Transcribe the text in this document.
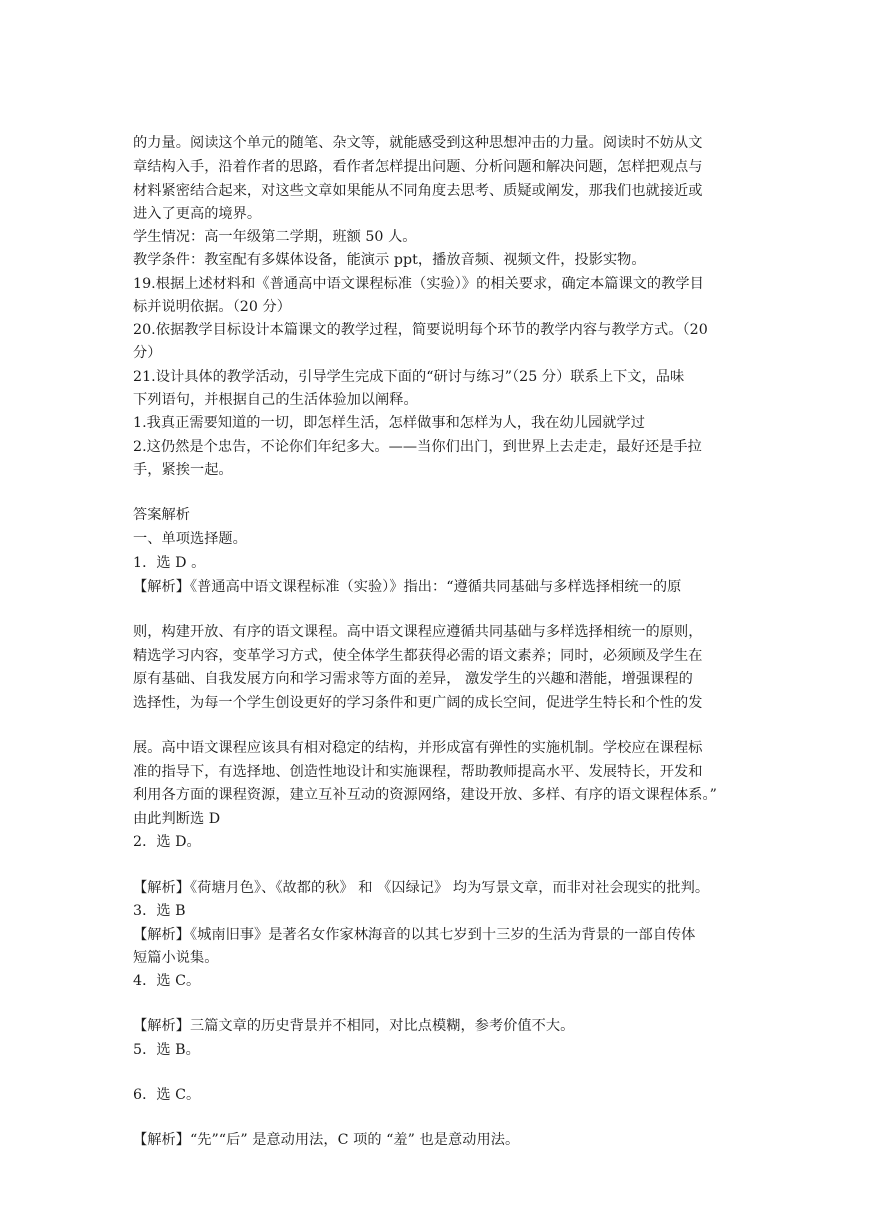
的力量。阅读这个单元的随笔、杂文等，就能感受到这种思想冲击的力量。阅读时不妨从文

章结构入手，沿着作者的思路，看作者怎样提出问题、分析问题和解决问题，怎样把观点与

材料紧密结合起来，对这些文章如果能从不同角度去思考、质疑或阐发，那我们也就接近或

进入了更高的境界。

学生情况：高一年级第二学期，班额 50 人。

教学条件：教室配有多媒体设备，能演示 ppt，播放音频、视频文件，投影实物。

19.根据上述材料和《普通高中语文课程标准（实验）》的相关要求，确定本篇课文的教学目

标并说明依据。（20 分）

20.依据教学目标设计本篇课文的教学过程，简要说明每个环节的教学内容与教学方式。（20

分）

21.设计具体的教学活动，引导学生完成下面的“研讨与练习”（25 分）联系上下文，品味

下列语句，并根据自己的生活体验加以阐释。

1.我真正需要知道的一切，即怎样生活，怎样做事和怎样为人，我在幼儿园就学过

2.这仍然是个忠告，不论你们年纪多大。——当你们出门，到世界上去走走，最好还是手拉

手，紧挨一起。

答案解析

一、单项选择题。

1．选 D 。

【解析】《普通高中语文课程标准（实验）》指出：“遵循共同基础与多样选择相统一的原

则，构建开放、有序的语文课程。高中语文课程应遵循共同基础与多样选择相统一的原则，

精选学习内容，变革学习方式，使全体学生都获得必需的语文素养；同时，必须顾及学生在

原有基础、自我发展方向和学习需求等方面的差异， 激发学生的兴趣和潜能，增强课程的

选择性，为每一个学生创设更好的学习条件和更广阔的成长空间，促进学生特长和个性的发

展。高中语文课程应该具有相对稳定的结构，并形成富有弹性的实施机制。学校应在课程标

准的指导下，有选择地、创造性地设计和实施课程，帮助教师提高水平、发展特长，开发和

利用各方面的课程资源，建立互补互动的资源网络，建设开放、多样、有序的语文课程体系。”

由此判断选 D

2．选 D。

【解析】《荷塘月色》、《故都的秋》 和 《囚绿记》 均为写景文章，而非对社会现实的批判。

3．选 B

【解析】《城南旧事》是著名女作家林海音的以其七岁到十三岁的生活为背景的一部自传体

短篇小说集。

4．选 C。

【解析】三篇文章的历史背景并不相同，对比点模糊，参考价值不大。

5．选 B。

6．选 C。

【解析】“先”“后” 是意动用法，C 项的 “羞” 也是意动用法。
